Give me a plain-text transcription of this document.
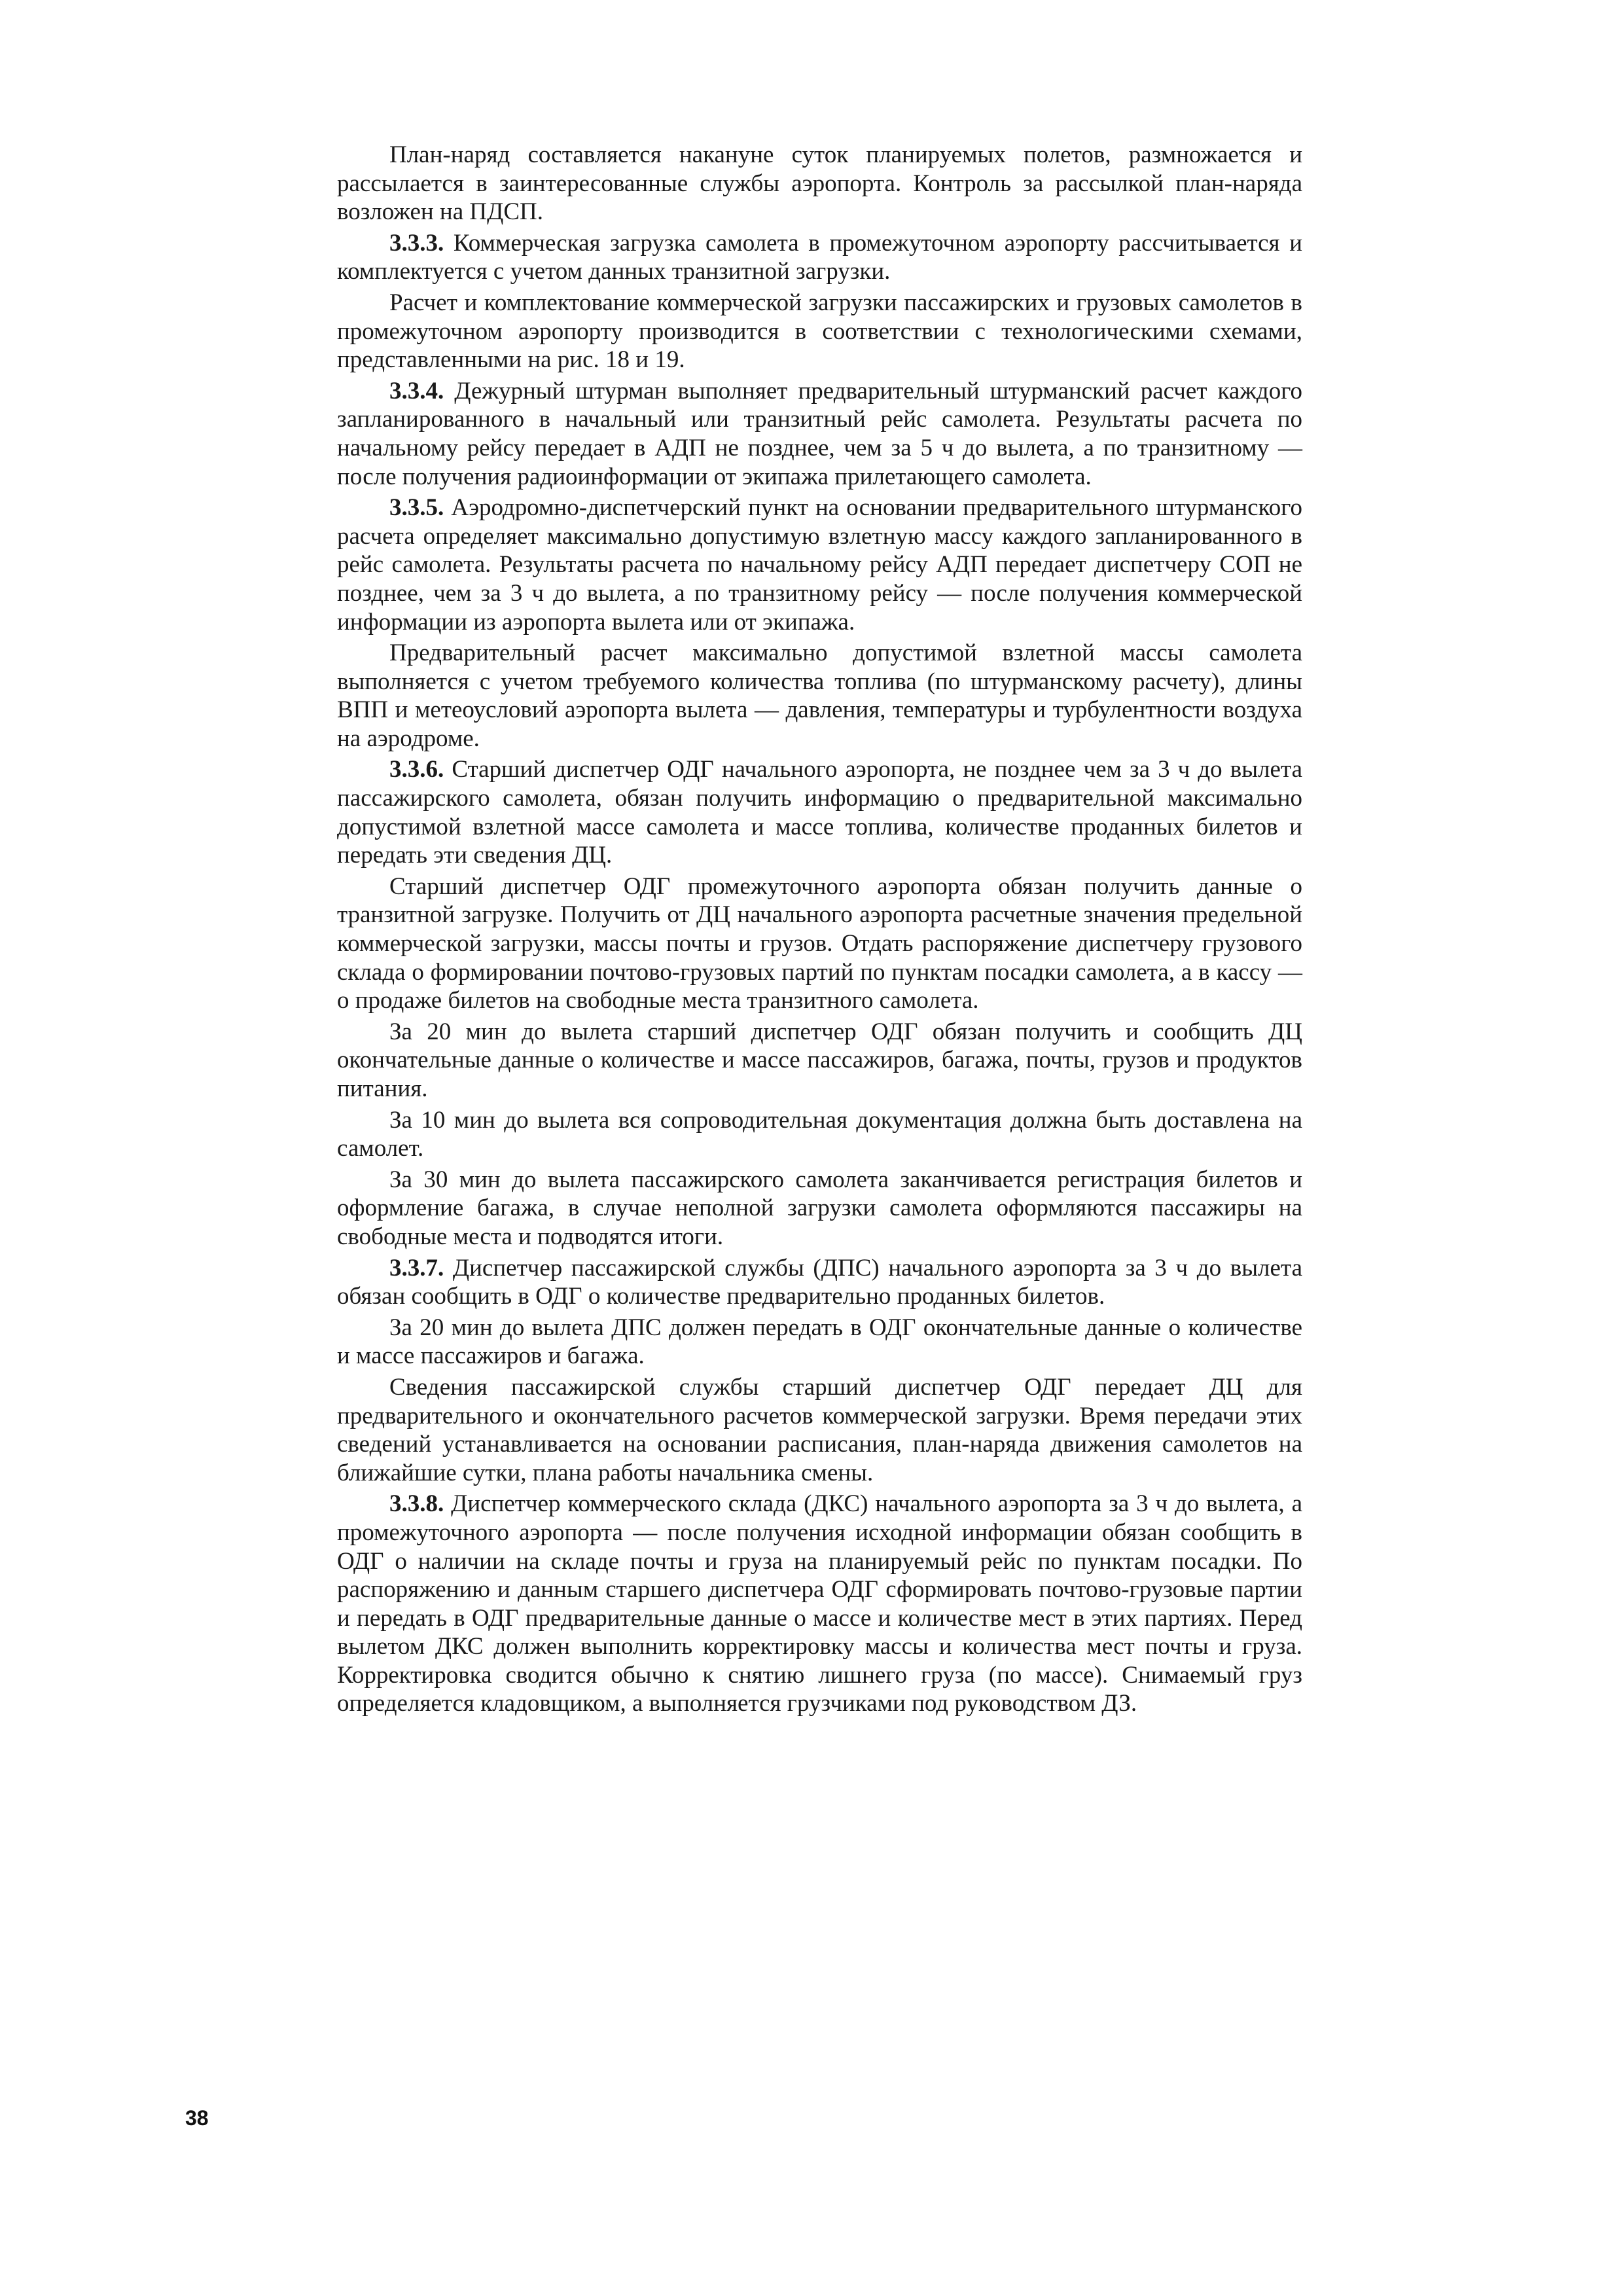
План-наряд составляется накануне суток планируемых полетов, размножается и рассылается в заинтересованные службы аэропорта. Контроль за рассылкой план-наряда возложен на ПДСП.

3.3.3. Коммерческая загрузка самолета в промежуточном аэропорту рассчитывается и комплектуется с учетом данных транзитной загрузки.

Расчет и комплектование коммерческой загрузки пассажирских и грузовых самолетов в промежуточном аэропорту производится в соответствии с технологическими схемами, представленными на рис. 18 и 19.

3.3.4. Дежурный штурман выполняет предварительный штурманский расчет каждого запланированного в начальный или транзитный рейс самолета. Результаты расчета по начальному рейсу передает в АДП не позднее, чем за 5 ч до вылета, а по транзитному — после получения радиоинформации от экипажа прилетающего самолета.

3.3.5. Аэродромно-диспетчерский пункт на основании предварительного штурманского расчета определяет максимально допустимую взлетную массу каждого запланированного в рейс самолета. Результаты расчета по начальному рейсу АДП передает диспетчеру СОП не позднее, чем за 3 ч до вылета, а по транзитному рейсу — после получения коммерческой информации из аэропорта вылета или от экипажа.

Предварительный расчет максимально допустимой взлетной массы самолета выполняется с учетом требуемого количества топлива (по штурманскому расчету), длины ВПП и метеоусловий аэропорта вылета — давления, температуры и турбулентности воздуха на аэродроме.

3.3.6. Старший диспетчер ОДГ начального аэропорта, не позднее чем за 3 ч до вылета пассажирского самолета, обязан получить информацию о предварительной максимально допустимой взлетной массе самолета и массе топлива, количестве проданных билетов и передать эти сведения ДЦ.

Старший диспетчер ОДГ промежуточного аэропорта обязан получить данные о транзитной загрузке. Получить от ДЦ начального аэропорта расчетные значения предельной коммерческой загрузки, массы почты и грузов. Отдать распоряжение диспетчеру грузового склада о формировании почтово-грузовых партий по пунктам посадки самолета, а в кассу — о продаже билетов на свободные места транзитного самолета.

За 20 мин до вылета старший диспетчер ОДГ обязан получить и сообщить ДЦ окончательные данные о количестве и массе пассажиров, багажа, почты, грузов и продуктов питания.

За 10 мин до вылета вся сопроводительная документация должна быть доставлена на самолет.

За 30 мин до вылета пассажирского самолета заканчивается регистрация билетов и оформление багажа, в случае неполной загрузки самолета оформляются пассажиры на свободные места и подводятся итоги.

3.3.7. Диспетчер пассажирской службы (ДПС) начального аэропорта за 3 ч до вылета обязан сообщить в ОДГ о количестве предварительно проданных билетов.

За 20 мин до вылета ДПС должен передать в ОДГ окончательные данные о количестве и массе пассажиров и багажа.

Сведения пассажирской службы старший диспетчер ОДГ передает ДЦ для предварительного и окончательного расчетов коммерческой загрузки. Время передачи этих сведений устанавливается на основании расписания, план-наряда движения самолетов на ближайшие сутки, плана работы начальника смены.

3.3.8. Диспетчер коммерческого склада (ДКС) начального аэропорта за 3 ч до вылета, а промежуточного аэропорта — после получения исходной информации обязан сообщить в ОДГ о наличии на складе почты и груза на планируемый рейс по пунктам посадки. По распоряжению и данным старшего диспетчера ОДГ сформировать почтово-грузовые партии и передать в ОДГ предварительные данные о массе и количестве мест в этих партиях. Перед вылетом ДКС должен выполнить корректировку массы и количества мест почты и груза. Корректировка сводится обычно к снятию лишнего груза (по массе). Снимаемый груз определяется кладовщиком, а выполняется грузчиками под руководством ДЗ.

38
